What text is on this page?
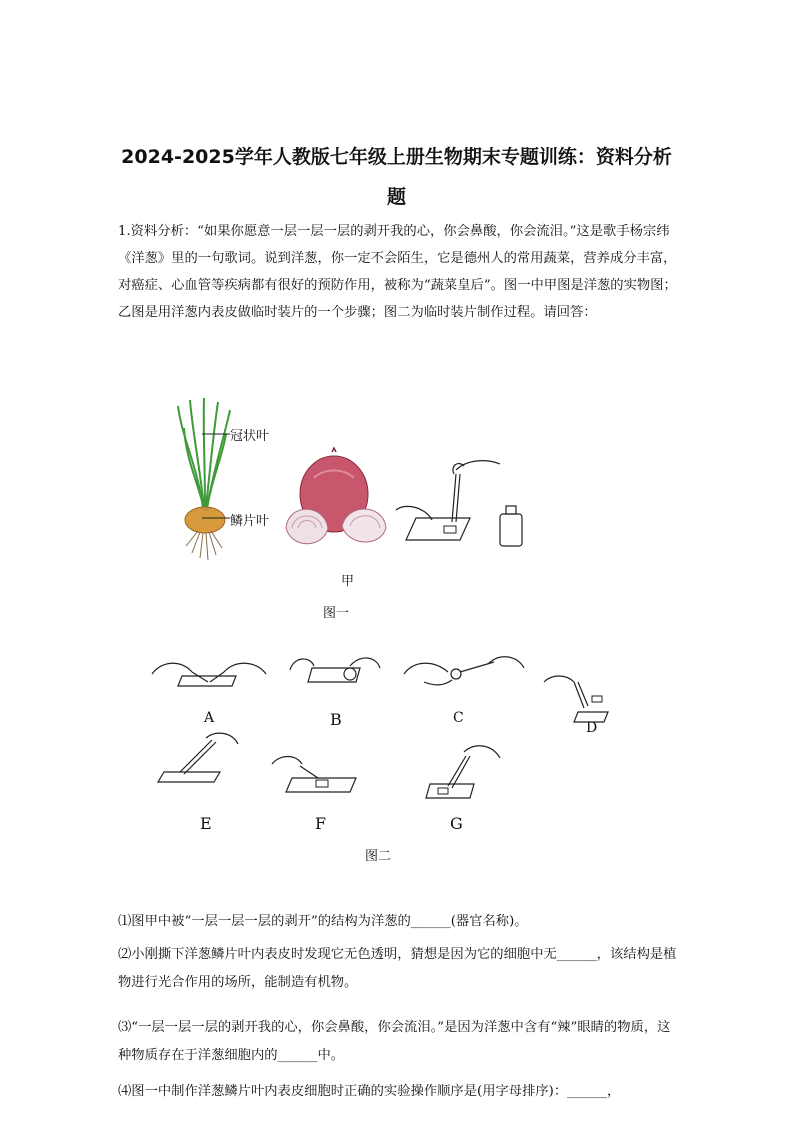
2024-2025学年人教版七年级上册生物期末专题训练：资料分析
题
1.资料分析：“如果你愿意一层一层一层的剥开我的心，你会鼻酸，你会流泪。”这是歌手杨宗纬《洋葱》里的一句歌词。说到洋葱，你一定不会陌生，它是德州人的常用蔬菜，营养成分丰富，对癌症、心血管等疾病都有很好的预防作用，被称为“蔬菜皇后”。图一中甲图是洋葱的实物图；乙图是用洋葱内表皮做临时装片的一个步骤；图二为临时装片制作过程。请回答：
冠状叶
鳞片叶
甲
图一
A	B	C
D
E	F	G
图二
⑴图甲中被“一层一层一层的剥开”的结构为洋葱的______(器官名称)。
⑵小刚撕下洋葱鳞片叶内表皮时发现它无色透明，猜想是因为它的细胞中无______，该结构是植物进行光合作用的场所，能制造有机物。
⑶“一层一层一层的剥开我的心，你会鼻酸，你会流泪。”是因为洋葱中含有“辣”眼睛的物质，这种物质存在于洋葱细胞内的______中。
⑷图一中制作洋葱鳞片叶内表皮细胞时正确的实验操作顺序是(用字母排序)：______，
